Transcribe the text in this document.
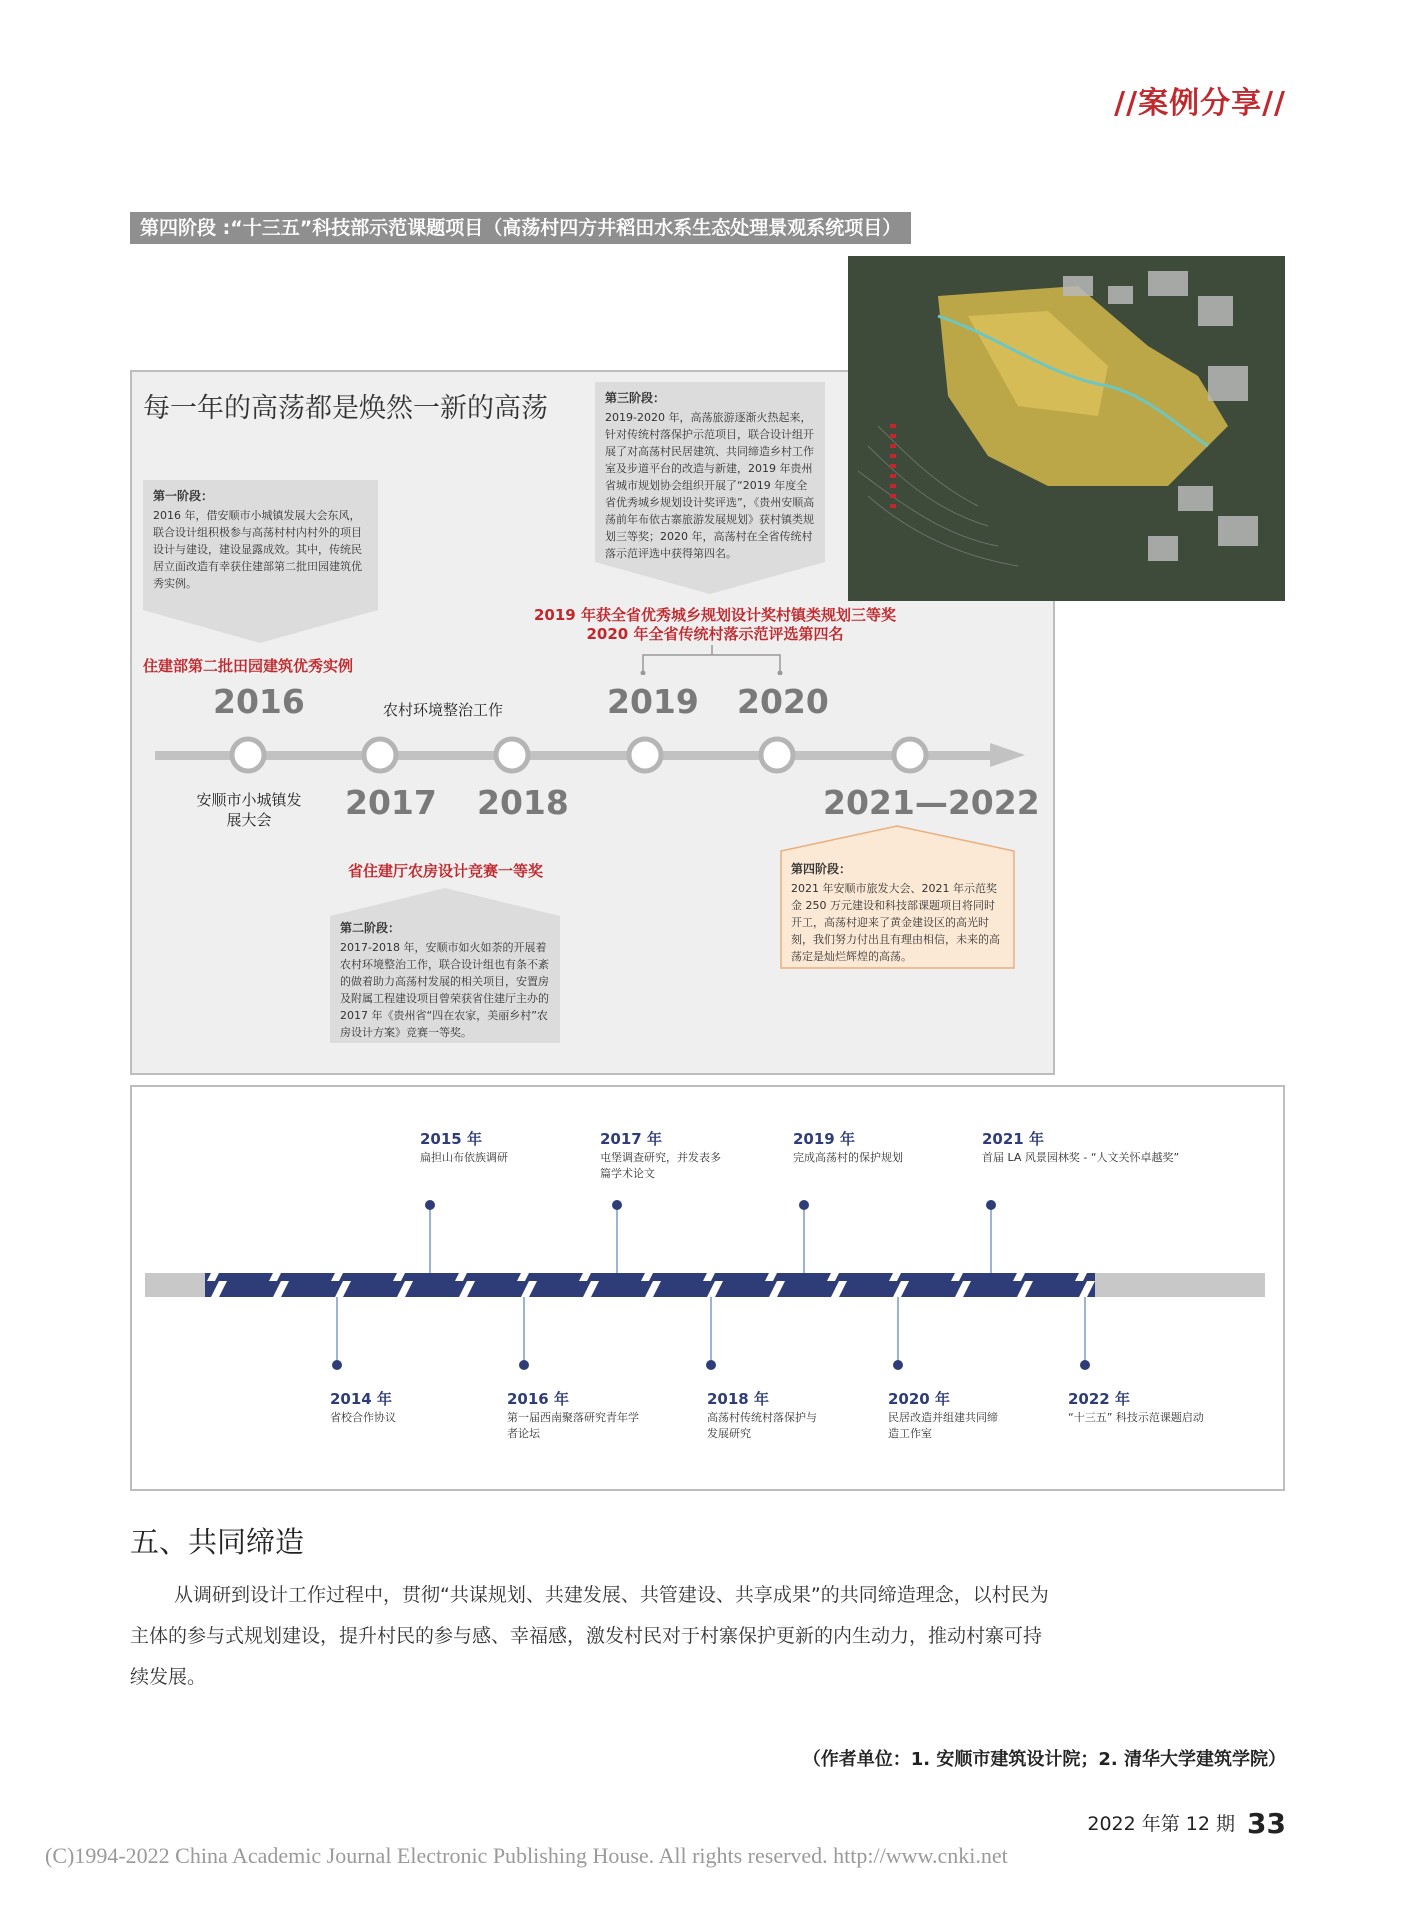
//案例分享//
第四阶段 :“十三五”科技部示范课题项目（高荡村四方井稻田水系生态处理景观系统项目）
每一年的高荡都是焕然一新的高荡
第一阶段：
2016 年，借安顺市小城镇发展大会东风，联合设计组积极参与高荡村村内村外的项目设计与建设，建设显露成效。其中，传统民居立面改造有幸获住建部第二批田园建筑优秀实例。
第三阶段：
2019-2020 年，高荡旅游逐渐火热起来，针对传统村落保护示范项目，联合设计组开展了对高荡村民居建筑、共同缔造乡村工作室及步道平台的改造与新建，2019 年贵州省城市规划协会组织开展了“2019 年度全省优秀城乡规划设计奖评选”，《贵州安顺高荡前年布依古寨旅游发展规划》获村镇类规划三等奖；2020 年，高荡村在全省传统村落示范评选中获得第四名。
2019 年获全省优秀城乡规划设计奖村镇类规划三等奖
2020 年全省传统村落示范评选第四名
住建部第二批田园建筑优秀实例
2016	2019 2020
农村环境整治工作
安顺市小城镇发展大会	2017 2018	2021—2022
省住建厅农房设计竞赛一等奖
第二阶段：
2017-2018 年，安顺市如火如荼的开展着农村环境整治工作，联合设计组也有条不紊的做着助力高荡村发展的相关项目，安置房及附属工程建设项目曾荣获省住建厅主办的 2017 年《贵州省“四在农家，美丽乡村”农房设计方案》竞赛一等奖。
第四阶段：
2021 年安顺市旅发大会、2021 年示范奖金 250 万元建设和科技部课题项目将同时开工，高荡村迎来了黄金建设区的高光时刻，我们努力付出且有理由相信，未来的高荡定是灿烂辉煌的高荡。
2015 年
扁担山布依族调研
2017 年
屯堡调查研究，并发表多篇学术论文
2019 年
完成高荡村的保护规划
2021 年
首届 LA 风景园林奖 - “人文关怀卓越奖”
2014 年
省校合作协议
2016 年
第一届西南聚落研究青年学者论坛
2018 年
高荡村传统村落保护与发展研究
2020 年
民居改造并组建共同缔造工作室
2022 年
“十三五” 科技示范课题启动
五、共同缔造
从调研到设计工作过程中，贯彻“共谋规划、共建发展、共管建设、共享成果”的共同缔造理念，以村民为主体的参与式规划建设，提升村民的参与感、幸福感，激发村民对于村寨保护更新的内生动力，推动村寨可持续发展。
（作者单位：1. 安顺市建筑设计院；2. 清华大学建筑学院）
2022 年第 12 期 33
(C)1994-2022 China Academic Journal Electronic Publishing House. All rights reserved. http://www.cnki.net
